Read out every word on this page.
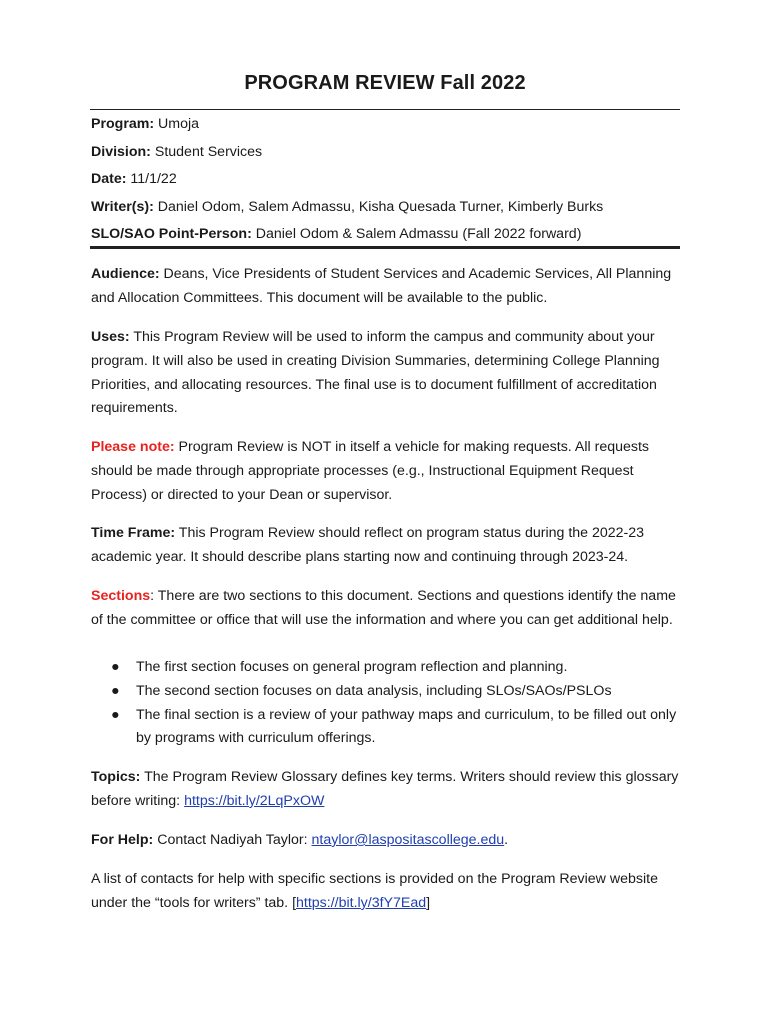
PROGRAM REVIEW Fall 2022
Program: Umoja
Division: Student Services
Date: 11/1/22
Writer(s): Daniel Odom, Salem Admassu, Kisha Quesada Turner, Kimberly Burks
SLO/SAO Point-Person: Daniel Odom & Salem Admassu (Fall 2022 forward)

Audience: Deans, Vice Presidents of Student Services and Academic Services, All Planning and Allocation Committees. This document will be available to the public.

Uses: This Program Review will be used to inform the campus and community about your program. It will also be used in creating Division Summaries, determining College Planning Priorities, and allocating resources. The final use is to document fulfillment of accreditation requirements.

Please note: Program Review is NOT in itself a vehicle for making requests. All requests should be made through appropriate processes (e.g., Instructional Equipment Request Process) or directed to your Dean or supervisor.

Time Frame: This Program Review should reflect on program status during the 2022-23 academic year. It should describe plans starting now and continuing through 2023-24.

Sections: There are two sections to this document. Sections and questions identify the name of the committee or office that will use the information and where you can get additional help.

● The first section focuses on general program reflection and planning.
● The second section focuses on data analysis, including SLOs/SAOs/PSLOs
● The final section is a review of your pathway maps and curriculum, to be filled out only by programs with curriculum offerings.

Topics: The Program Review Glossary defines key terms. Writers should review this glossary before writing: https://bit.ly/2LqPxOW

For Help: Contact Nadiyah Taylor: ntaylor@laspositascollege.edu.

A list of contacts for help with specific sections is provided on the Program Review website under the “tools for writers” tab. [https://bit.ly/3fY7Ead]
